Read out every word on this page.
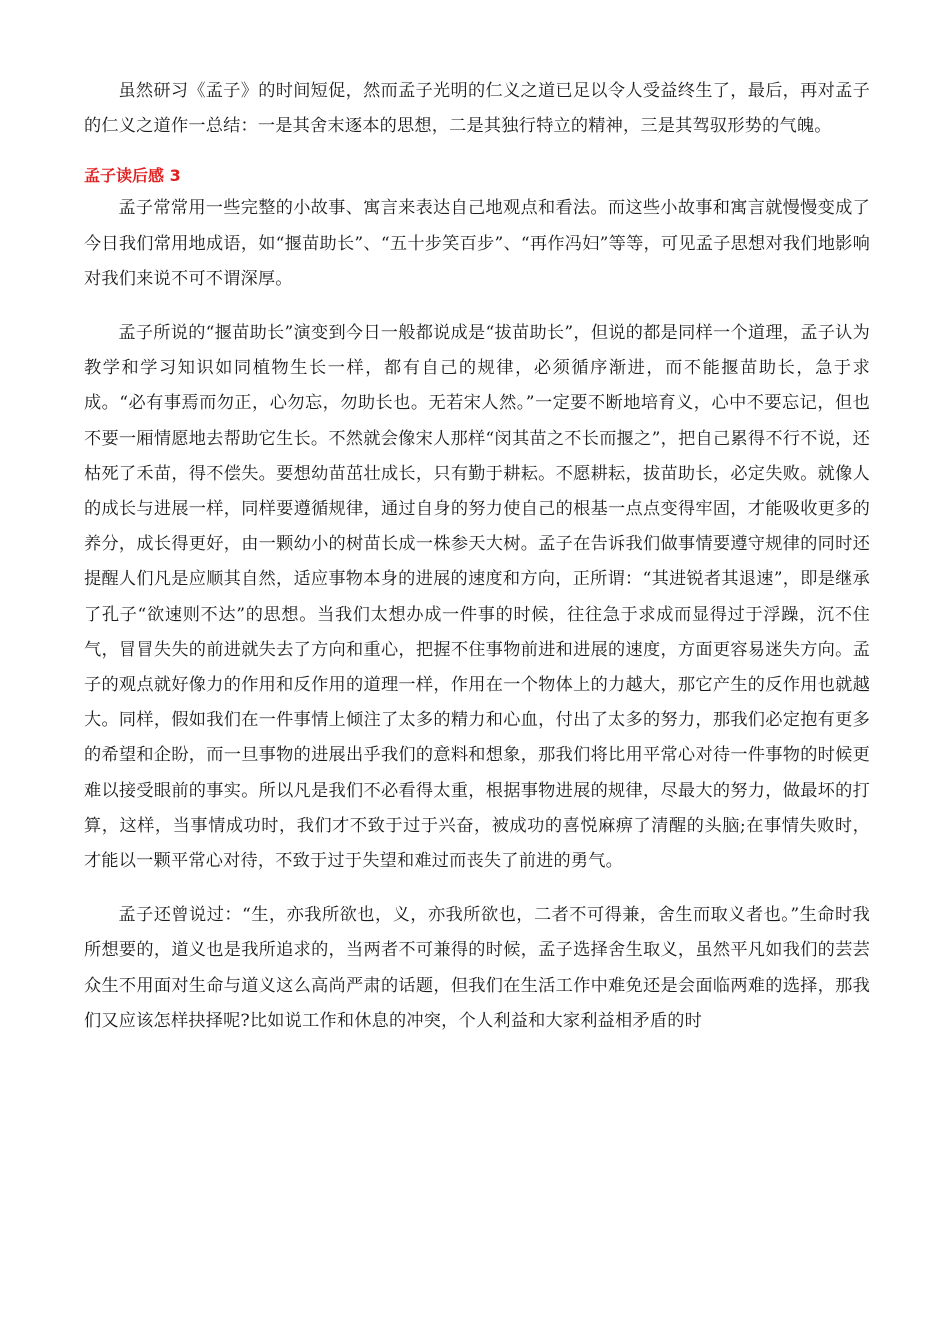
虽然研习《孟子》的时间短促，然而孟子光明的仁义之道已足以令人受益终生了，最后，再对孟子的仁义之道作一总结：一是其舍末逐本的思想，二是其独行特立的精神，三是其驾驭形势的气魄。

孟子读后感 3

孟子常常用一些完整的小故事、寓言来表达自己地观点和看法。而这些小故事和寓言就慢慢变成了今日我们常用地成语，如“揠苗助长”、“五十步笑百步”、“再作冯妇”等等，可见孟子思想对我们地影响对我们来说不可不谓深厚。

孟子所说的“揠苗助长”演变到今日一般都说成是“拔苗助长”，但说的都是同样一个道理，孟子认为教学和学习知识如同植物生长一样，都有自己的规律，必须循序渐进，而不能揠苗助长，急于求成。“必有事焉而勿正，心勿忘，勿助长也。无若宋人然。”一定要不断地培育义，心中不要忘记，但也不要一厢情愿地去帮助它生长。不然就会像宋人那样“闵其苗之不长而揠之”，把自己累得不行不说，还枯死了禾苗，得不偿失。要想幼苗茁壮成长，只有勤于耕耘。不愿耕耘，拔苗助长，必定失败。就像人的成长与进展一样，同样要遵循规律，通过自身的努力使自己的根基一点点变得牢固，才能吸收更多的养分，成长得更好，由一颗幼小的树苗长成一株参天大树。孟子在告诉我们做事情要遵守规律的同时还提醒人们凡是应顺其自然，适应事物本身的进展的速度和方向，正所谓：“其进锐者其退速”，即是继承了孔子“欲速则不达”的思想。当我们太想办成一件事的时候，往往急于求成而显得过于浮躁，沉不住气，冒冒失失的前进就失去了方向和重心，把握不住事物前进和进展的速度，方面更容易迷失方向。孟子的观点就好像力的作用和反作用的道理一样，作用在一个物体上的力越大，那它产生的反作用也就越大。同样，假如我们在一件事情上倾注了太多的精力和心血，付出了太多的努力，那我们必定抱有更多的希望和企盼，而一旦事物的进展出乎我们的意料和想象，那我们将比用平常心对待一件事物的时候更难以接受眼前的事实。所以凡是我们不必看得太重，根据事物进展的规律，尽最大的努力，做最坏的打算，这样，当事情成功时，我们才不致于过于兴奋，被成功的喜悦麻痹了清醒的头脑;在事情失败时，才能以一颗平常心对待，不致于过于失望和难过而丧失了前进的勇气。

孟子还曾说过：“生，亦我所欲也，义，亦我所欲也，二者不可得兼，舍生而取义者也。”生命时我所想要的，道义也是我所追求的，当两者不可兼得的时候，孟子选择舍生取义，虽然平凡如我们的芸芸众生不用面对生命与道义这么高尚严肃的话题，但我们在生活工作中难免还是会面临两难的选择，那我们又应该怎样抉择呢?比如说工作和休息的冲突，个人利益和大家利益相矛盾的时
